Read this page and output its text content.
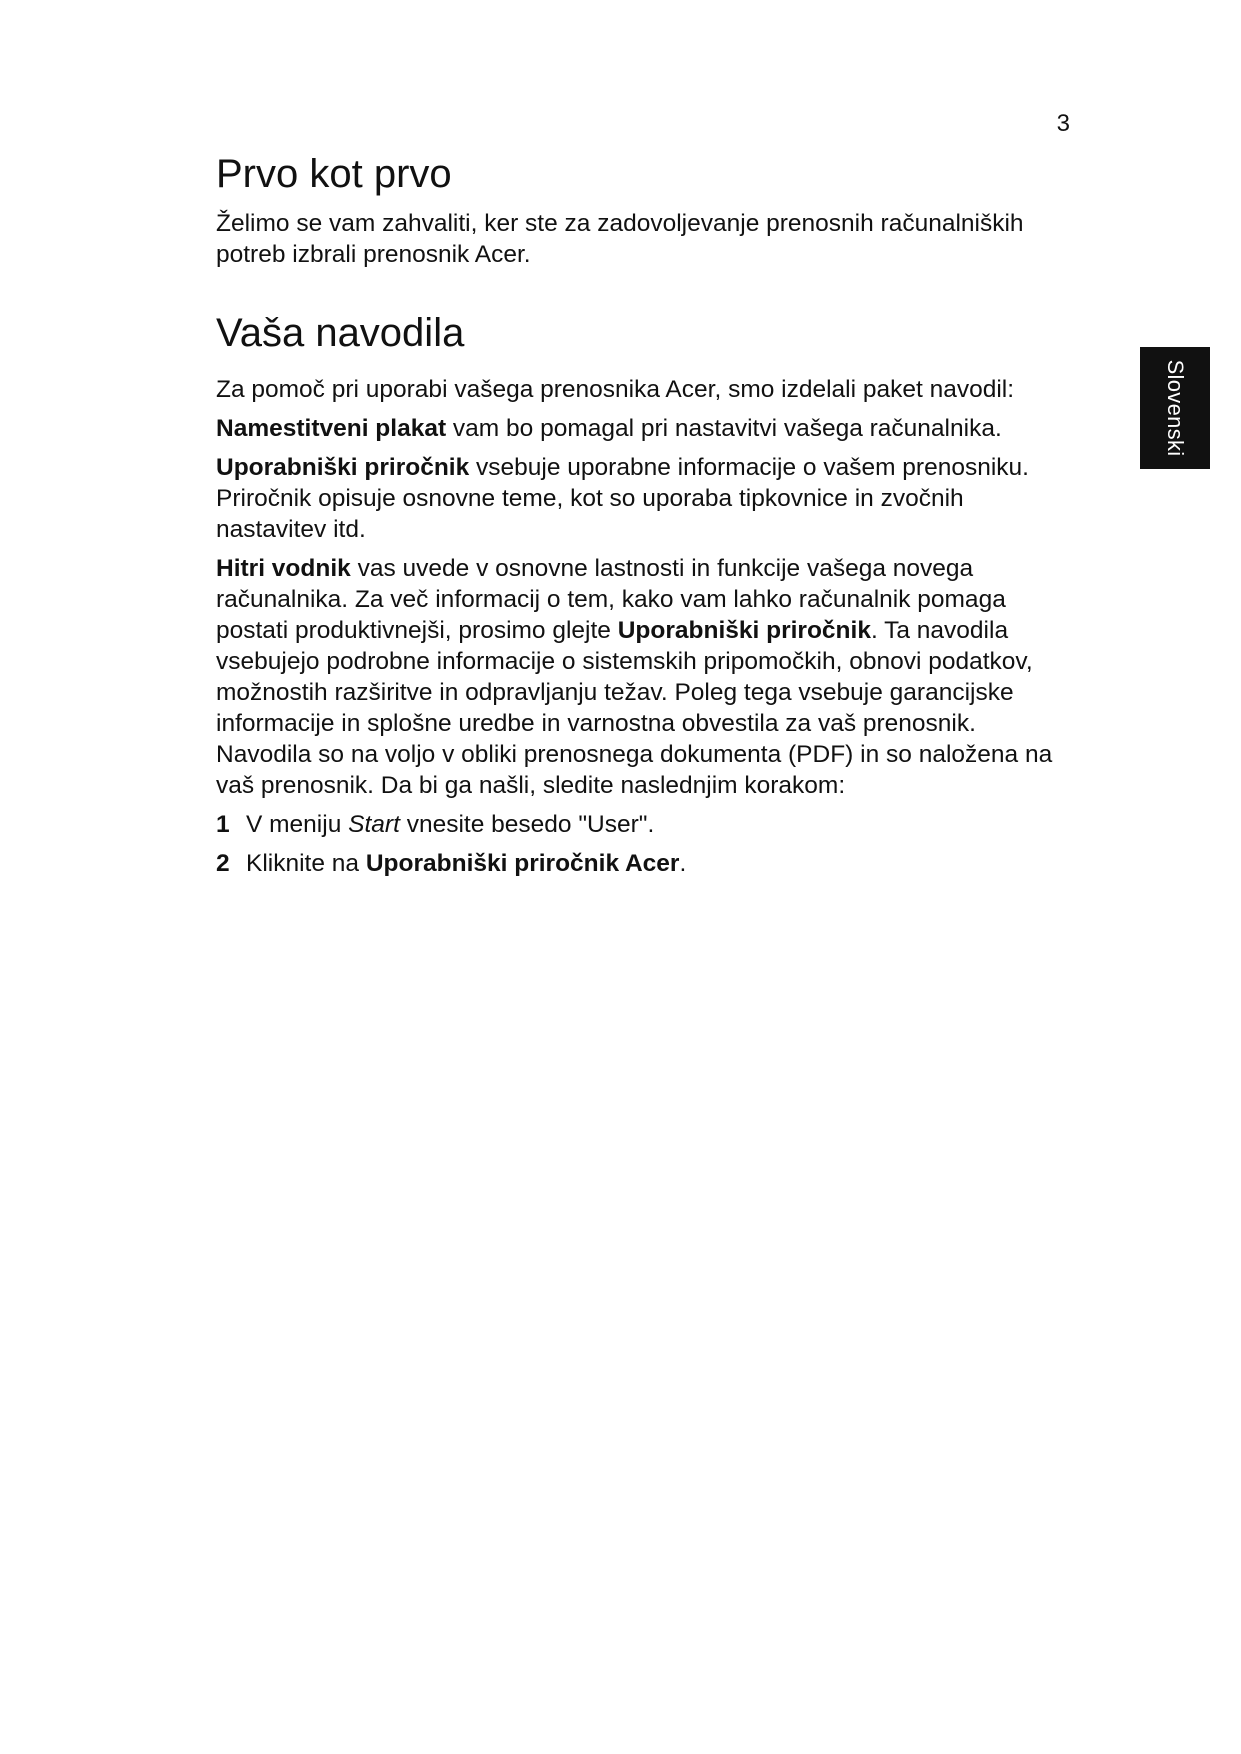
3
Slovenski
Prvo kot prvo

Želimo se vam zahvaliti, ker ste za zadovoljevanje prenosnih računalniških potreb izbrali prenosnik Acer.

Vaša navodila

Za pomoč pri uporabi vašega prenosnika Acer, smo izdelali paket navodil:

Namestitveni plakat vam bo pomagal pri nastavitvi vašega računalnika.

Uporabniški priročnik vsebuje uporabne informacije o vašem prenosniku. Priročnik opisuje osnovne teme, kot so uporaba tipkovnice in zvočnih nastavitev itd.

Hitri vodnik vas uvede v osnovne lastnosti in funkcije vašega novega računalnika. Za več informacij o tem, kako vam lahko računalnik pomaga postati produktivnejši, prosimo glejte Uporabniški priročnik. Ta navodila vsebujejo podrobne informacije o sistemskih pripomočkih, obnovi podatkov, možnostih razširitve in odpravljanju težav. Poleg tega vsebuje garancijske informacije in splošne uredbe in varnostna obvestila za vaš prenosnik. Navodila so na voljo v obliki prenosnega dokumenta (PDF) in so naložena na vaš prenosnik. Da bi ga našli, sledite naslednjim korakom:

1 V meniju Start vnesite besedo "User".
2 Kliknite na Uporabniški priročnik Acer.
